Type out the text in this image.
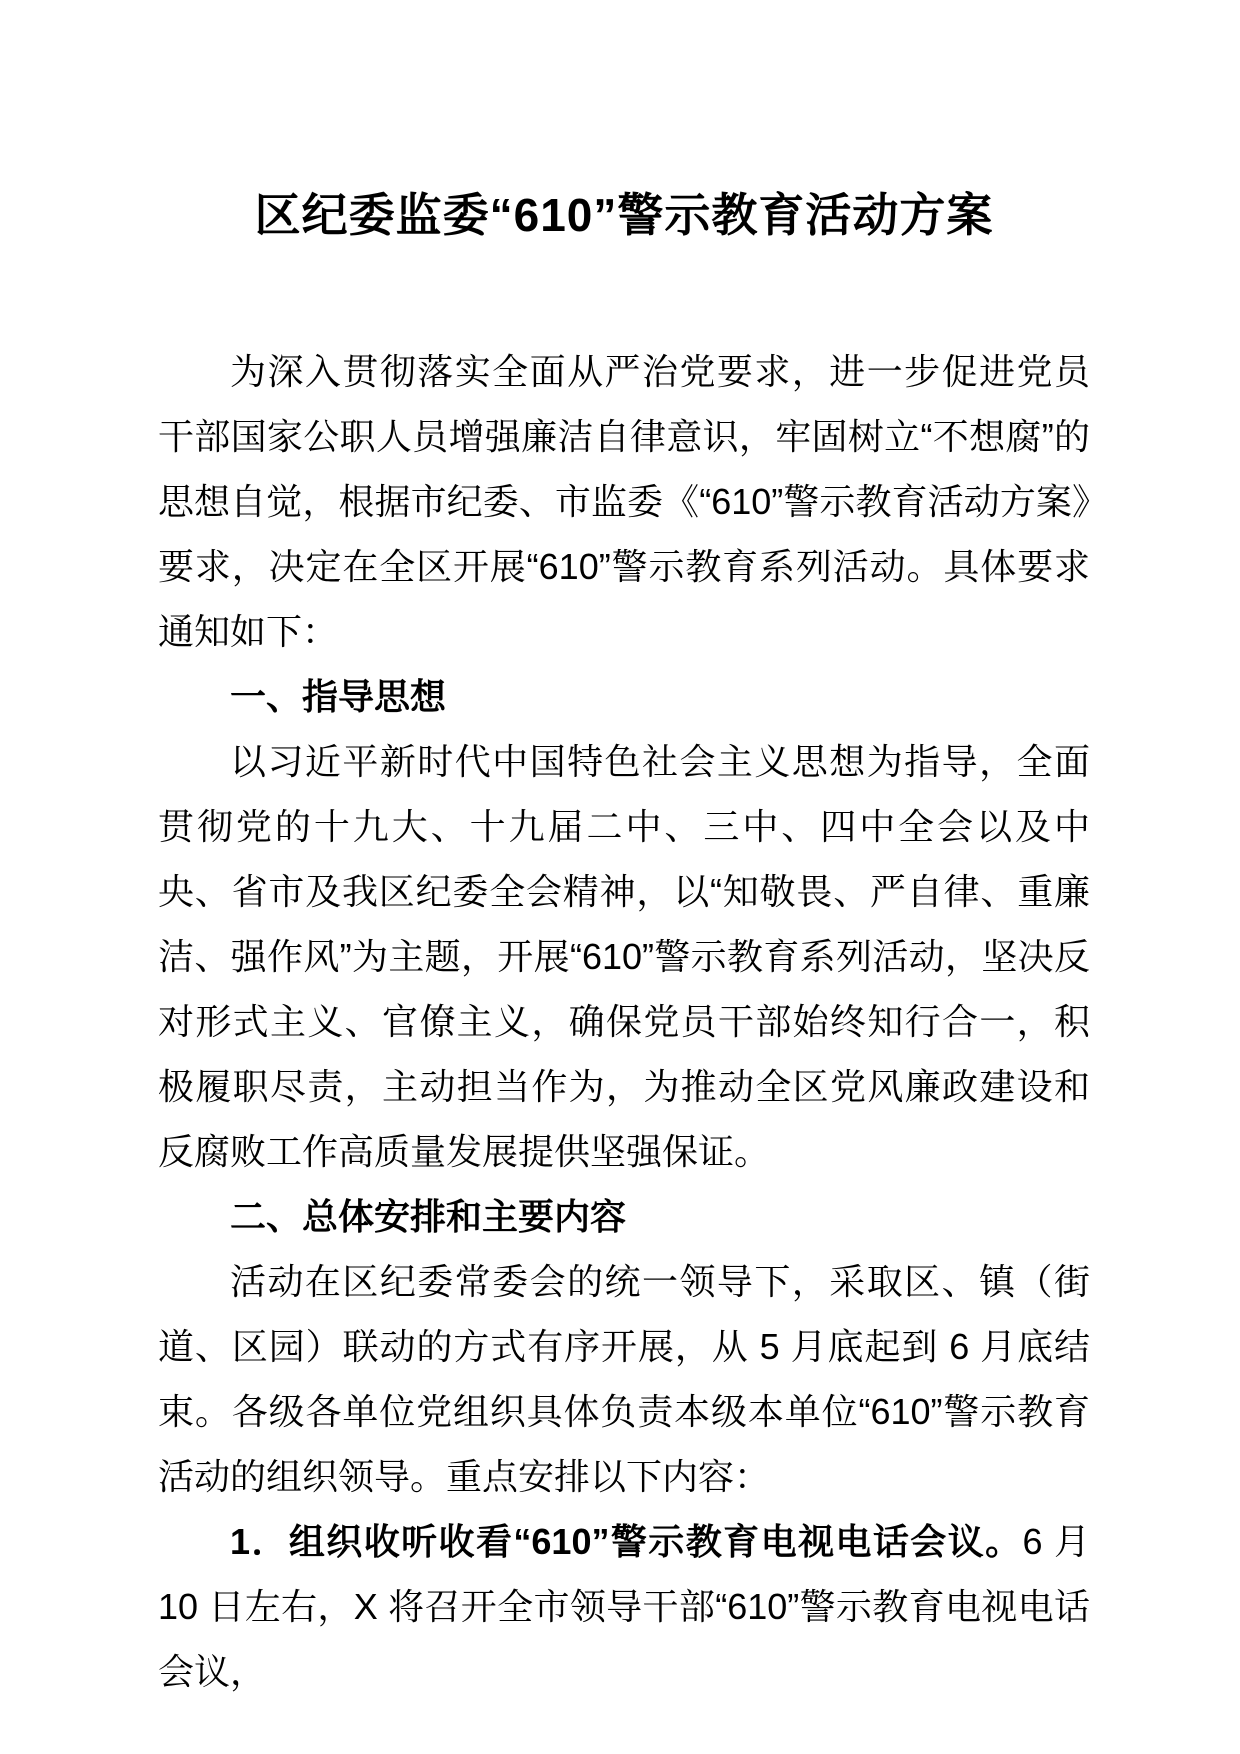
区纪委监委“610”警示教育活动方案
为深入贯彻落实全面从严治党要求，进一步促进党员干部国家公职人员增强廉洁自律意识，牢固树立“不想腐”的思想自觉，根据市纪委、市监委《“610”警示教育活动方案》要求，决定在全区开展“610”警示教育系列活动。具体要求通知如下：
一、指导思想
以习近平新时代中国特色社会主义思想为指导，全面贯彻党的十九大、十九届二中、三中、四中全会以及中央、省市及我区纪委全会精神，以“知敬畏、严自律、重廉洁、强作风”为主题，开展“610”警示教育系列活动，坚决反对形式主义、官僚主义，确保党员干部始终知行合一，积极履职尽责，主动担当作为，为推动全区党风廉政建设和反腐败工作高质量发展提供坚强保证。
二、总体安排和主要内容
活动在区纪委常委会的统一领导下，采取区、镇（街道、区园）联动的方式有序开展，从 5 月底起到 6 月底结束。各级各单位党组织具体负责本级本单位“610”警示教育活动的组织领导。重点安排以下内容：
1．组织收听收看“610”警示教育电视电话会议。6 月 10 日左右，X 将召开全市领导干部“610”警示教育电视电话会议，
